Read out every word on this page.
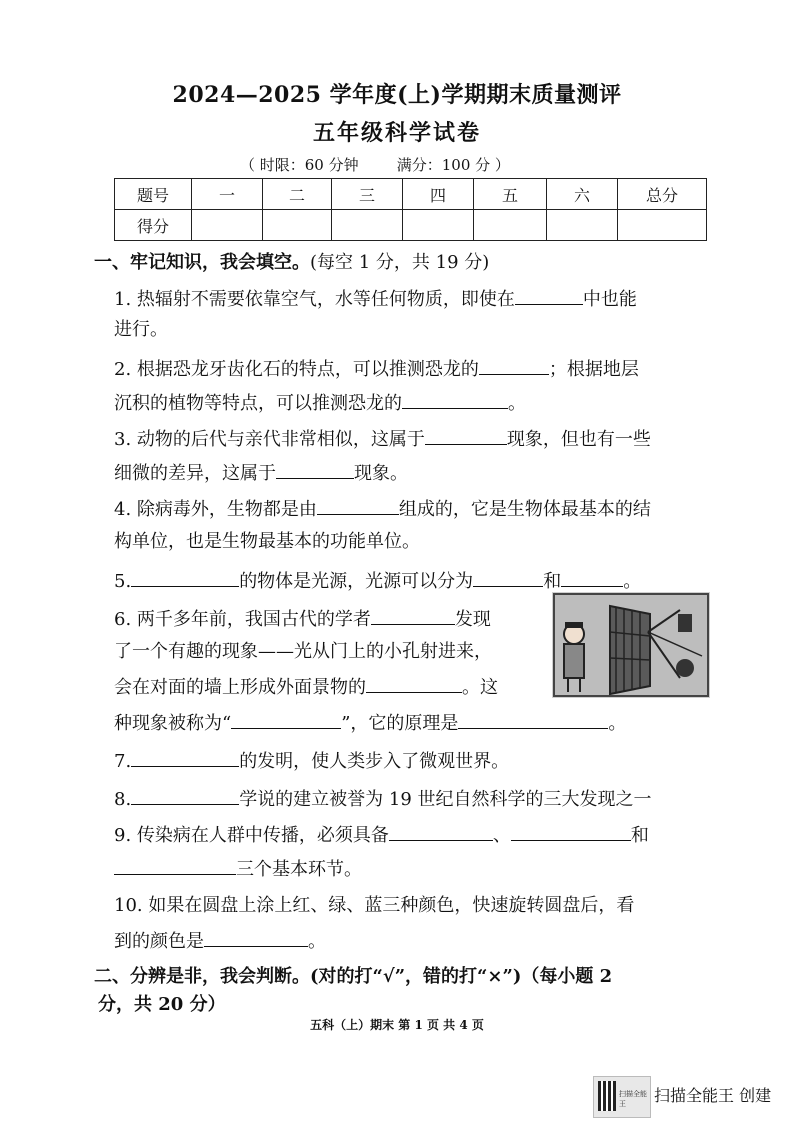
2024—2025 学年度(上)学期期末质量测评
五年级科学试卷
（ 时限：60 分钟        满分：100 分 ）
题号	一	二	三	四	五	六	总分
得分							
一、牢记知识，我会填空。(每空 1 分，共 19 分)
1. 热辐射不需要依靠空气，水等任何物质，即使在	中也能
进行。
2. 根据恐龙牙齿化石的特点，可以推测恐龙的	；根据地层
沉积的植物等特点，可以推测恐龙的	。
3. 动物的后代与亲代非常相似，这属于	现象，但也有一些
细微的差异，这属于	现象。
4. 除病毒外，生物都是由	组成的，它是生物体最基本的结
构单位，也是生物最基本的功能单位。
5.	的物体是光源，光源可以分为	和	。
6. 两千多年前，我国古代的学者	发现
了一个有趣的现象——光从门上的小孔射进来，
会在对面的墙上形成外面景物的	。这
种现象被称为“	”，它的原理是	。
7.	的发明，使人类步入了微观世界。
8.	学说的建立被誉为 19 世纪自然科学的三大发现之一
9. 传染病在人群中传播，必须具备	、	和
三个基本环节。
10. 如果在圆盘上涂上红、绿、蓝三种颜色，快速旋转圆盘后，看
到的颜色是	。
二、分辨是非，我会判断。(对的打“√”，错的打“×”)（每小题 2
分，共 20 分）
五科（上）期末 第 1 页 共 4 页
扫描全能王	扫描全能王 创建
